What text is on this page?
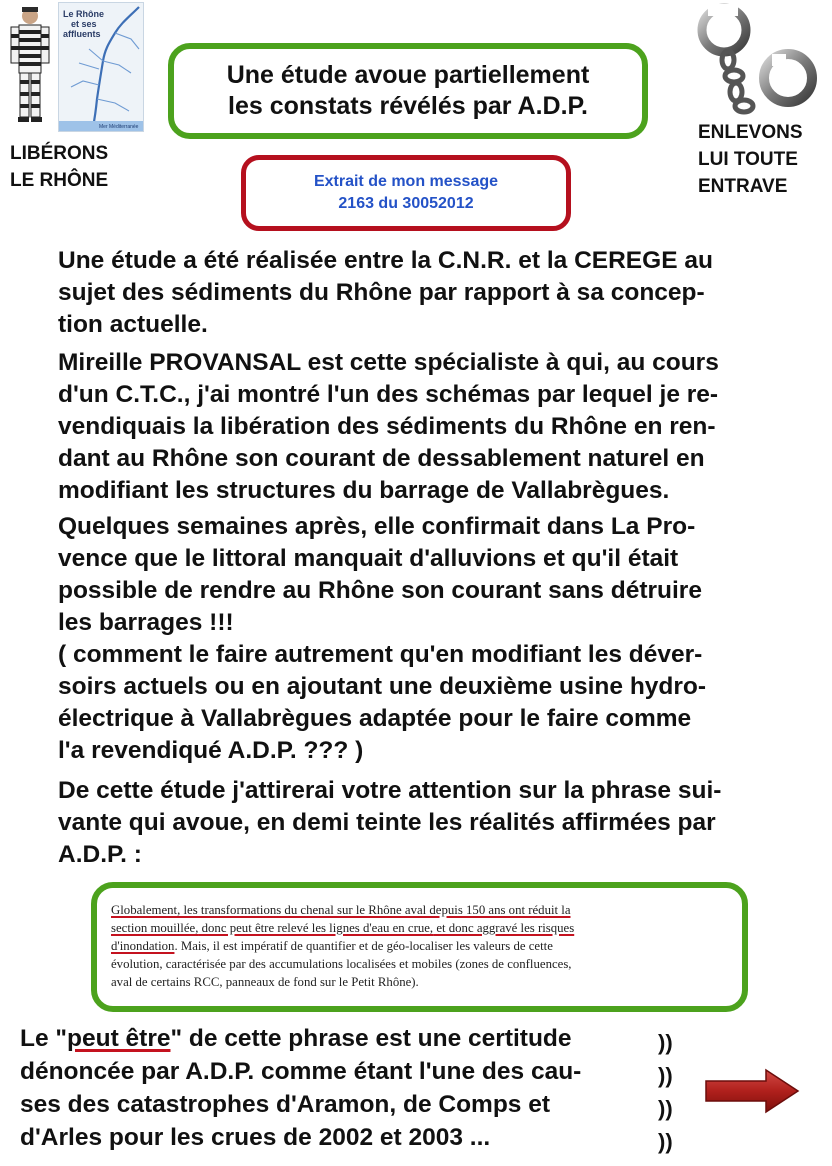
Mer Méditerranée
Le Rhône
et ses
affluents
LIBÉRONS
LE RHÔNE
ENLEVONS
LUI TOUTE
ENTRAVE
Une étude avoue partiellement
les constats révélés par A.D.P.
Extrait de mon message
2163 du 30052012
Une étude a été réalisée entre la C.N.R. et la CEREGE au
sujet des sédiments du Rhône par rapport à sa concep-
tion actuelle.
Mireille PROVANSAL est cette spécialiste à qui, au cours
d'un C.T.C., j'ai montré l'un des schémas par lequel je re-
vendiquais la libération des sédiments du Rhône en ren-
dant au Rhône son courant de dessablement naturel en
modifiant les structures du barrage de Vallabrègues.
Quelques semaines après, elle confirmait dans La Pro-
vence que le littoral manquait d'alluvions et qu'il était
possible de rendre au Rhône son courant sans détruire
les barrages !!!
( comment le faire autrement qu'en modifiant les déver-
soirs actuels ou en ajoutant une deuxième usine hydro-
électrique à Vallabrègues adaptée pour le faire comme
l'a revendiqué A.D.P. ??? )
De cette étude j'attirerai votre attention sur la phrase sui-
vante qui avoue, en demi teinte les réalités affirmées par
A.D.P. :
Globalement, les transformations du chenal sur le Rhône aval depuis 150 ans ont réduit la
section mouillée, donc peut être relevé les lignes d'eau en crue, et donc aggravé les risques
d'inondation. Mais, il est impératif de quantifier et de géo-localiser les valeurs de cette
évolution, caractérisée par des accumulations localisées et mobiles (zones de confluences,
aval de certains RCC, panneaux de fond sur le Petit Rhône).
Le "peut être" de cette phrase est une certitude
dénoncée par A.D.P. comme étant l'une des cau-
ses des catastrophes d'Aramon, de Comps et
d'Arles pour les crues de 2002 et 2003 ...
))
))
))
))
